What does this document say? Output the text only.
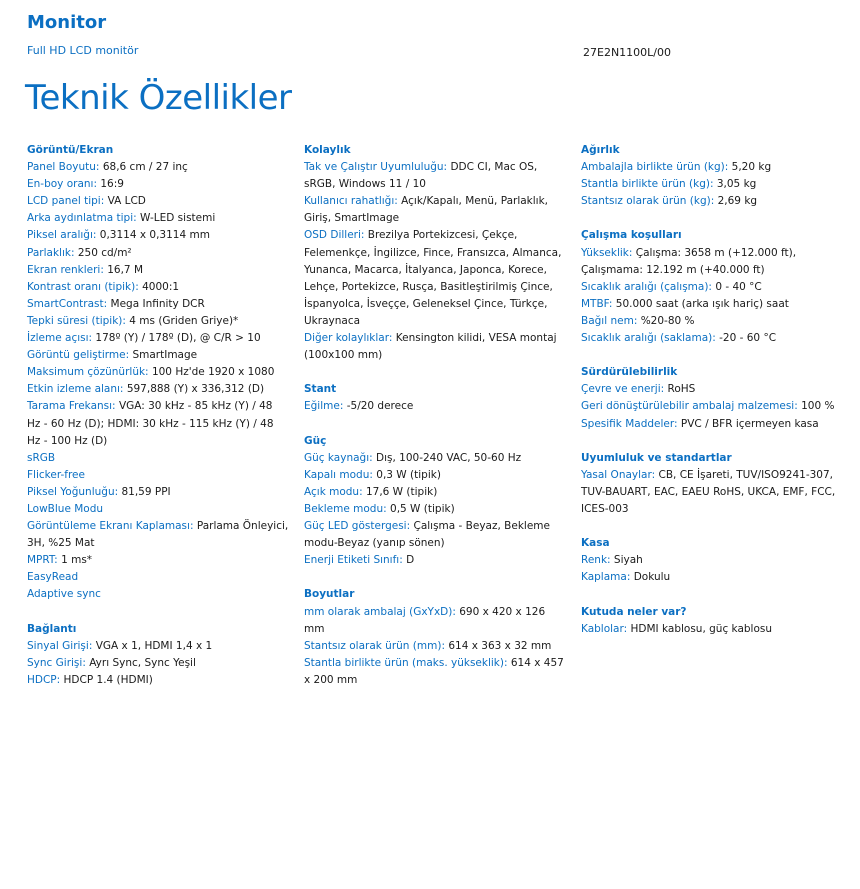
Monitor
Full HD LCD monitör	27E2N1100L/00
Teknik Özellikler
Görüntü/Ekran
Panel Boyutu: 68,6 cm / 27 inç
En-boy oranı: 16:9
LCD panel tipi: VA LCD
Arka aydınlatma tipi: W-LED sistemi
Piksel aralığı: 0,3114 x 0,3114 mm
Parlaklık: 250 cd/m²
Ekran renkleri: 16,7 M
Kontrast oranı (tipik): 4000:1
SmartContrast: Mega Infinity DCR
Tepki süresi (tipik): 4 ms (Griden Griye)*
İzleme açısı: 178º (Y) / 178º (D), @ C/R > 10
Görüntü geliştirme: SmartImage
Maksimum çözünürlük: 100 Hz'de 1920 x 1080
Etkin izleme alanı: 597,888 (Y) x 336,312 (D)
Tarama Frekansı: VGA: 30 kHz - 85 kHz (Y) / 48 Hz - 60 Hz (D); HDMI: 30 kHz - 115 kHz (Y) / 48 Hz - 100 Hz (D)
sRGB
Flicker-free
Piksel Yoğunluğu: 81,59 PPI
LowBlue Modu
Görüntüleme Ekranı Kaplaması: Parlama Önleyici, 3H, %25 Mat
MPRT: 1 ms*
EasyRead
Adaptive sync
Bağlantı
Sinyal Girişi: VGA x 1, HDMI 1,4 x 1
Sync Girişi: Ayrı Sync, Sync Yeşil
HDCP: HDCP 1.4 (HDMI)
Kolaylık
Tak ve Çalıştır Uyumluluğu: DDC CI, Mac OS, sRGB, Windows 11 / 10
Kullanıcı rahatlığı: Açık/Kapalı, Menü, Parlaklık, Giriş, SmartImage
OSD Dilleri: Brezilya Portekizcesi, Çekçe, Felemenkçe, İngilizce, Fince, Fransızca, Almanca, Yunanca, Macarca, İtalyanca, Japonca, Korece, Lehçe, Portekizce, Rusça, Basitleştirilmiş Çince, İspanyolca, İsveççe, Geleneksel Çince, Türkçe, Ukraynaca
Diğer kolaylıklar: Kensington kilidi, VESA montaj (100x100 mm)
Stant
Eğilme: -5/20 derece
Güç
Güç kaynağı: Dış, 100-240 VAC, 50-60 Hz
Kapalı modu: 0,3 W (tipik)
Açık modu: 17,6 W (tipik)
Bekleme modu: 0,5 W (tipik)
Güç LED göstergesi: Çalışma - Beyaz, Bekleme modu-Beyaz (yanıp sönen)
Enerji Etiketi Sınıfı: D
Boyutlar
mm olarak ambalaj (GxYxD): 690 x 420 x 126 mm
Stantsız olarak ürün (mm): 614 x 363 x 32 mm
Stantla birlikte ürün (maks. yükseklik): 614 x 457 x 200 mm
Ağırlık
Ambalajla birlikte ürün (kg): 5,20 kg
Stantla birlikte ürün (kg): 3,05 kg
Stantsız olarak ürün (kg): 2,69 kg
Çalışma koşulları
Yükseklik: Çalışma: 3658 m (+12.000 ft), Çalışmama: 12.192 m (+40.000 ft)
Sıcaklık aralığı (çalışma): 0 - 40 °C
MTBF: 50.000 saat (arka ışık hariç) saat
Bağıl nem: %20-80 %
Sıcaklık aralığı (saklama): -20 - 60 °C
Sürdürülebilirlik
Çevre ve enerji: RoHS
Geri dönüştürülebilir ambalaj malzemesi: 100 %
Spesifik Maddeler: PVC / BFR içermeyen kasa
Uyumluluk ve standartlar
Yasal Onaylar: CB, CE İşareti, TUV/ISO9241-307, TUV-BAUART, EAC, EAEU RoHS, UKCA, EMF, FCC, ICES-003
Kasa
Renk: Siyah
Kaplama: Dokulu
Kutuda neler var?
Kablolar: HDMI kablosu, güç kablosu
